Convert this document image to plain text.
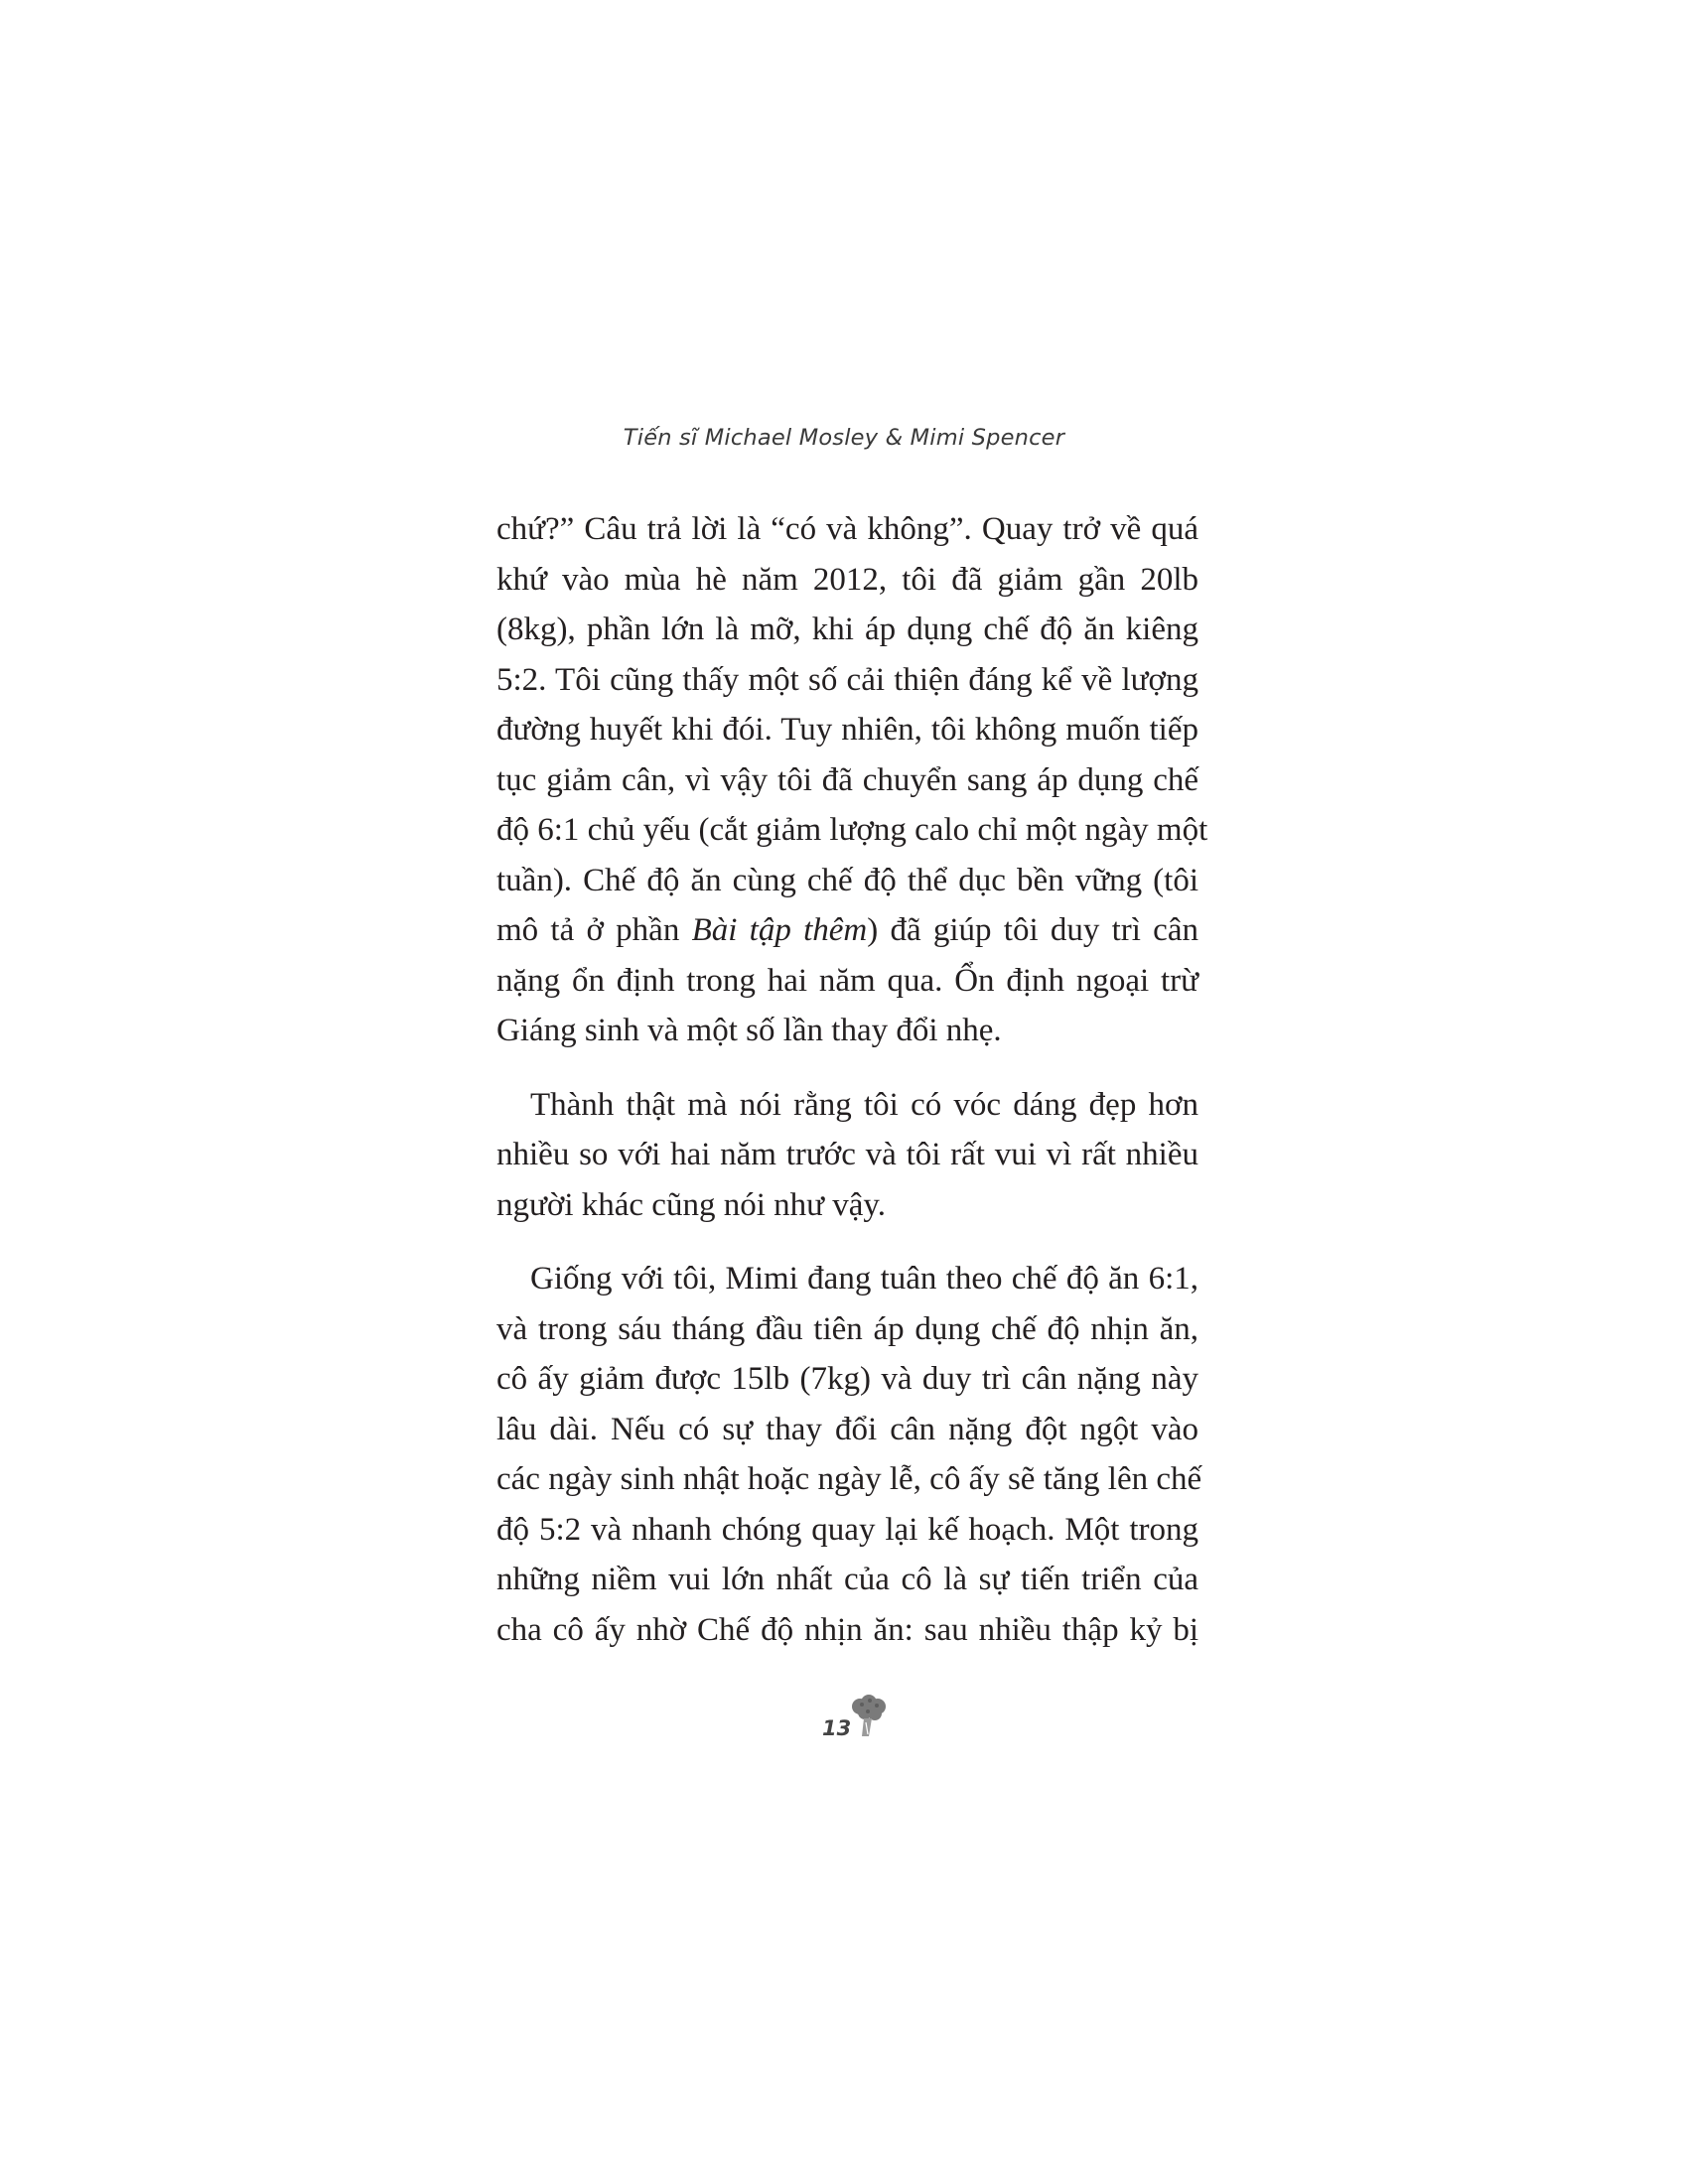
Tiến sĩ Michael Mosley & Mimi Spencer
chứ?” Câu trả lời là “có và không”. Quay trở về quá
khứ vào mùa hè năm 2012, tôi đã giảm gần 20lb
(8kg), phần lớn là mỡ, khi áp dụng chế độ ăn kiêng
5:2. Tôi cũng thấy một số cải thiện đáng kể về lượng
đường huyết khi đói. Tuy nhiên, tôi không muốn tiếp
tục giảm cân, vì vậy tôi đã chuyển sang áp dụng chế
độ 6:1 chủ yếu (cắt giảm lượng calo chỉ một ngày một
tuần). Chế độ ăn cùng chế độ thể dục bền vững (tôi
mô tả ở phần Bài tập thêm) đã giúp tôi duy trì cân
nặng ổn định trong hai năm qua. Ổn định ngoại trừ
Giáng sinh và một số lần thay đổi nhẹ.
Thành thật mà nói rằng tôi có vóc dáng đẹp hơn
nhiều so với hai năm trước và tôi rất vui vì rất nhiều
người khác cũng nói như vậy.
Giống với tôi, Mimi đang tuân theo chế độ ăn 6:1,
và trong sáu tháng đầu tiên áp dụng chế độ nhịn ăn,
cô ấy giảm được 15lb (7kg) và duy trì cân nặng này
lâu dài. Nếu có sự thay đổi cân nặng đột ngột vào
các ngày sinh nhật hoặc ngày lễ, cô ấy sẽ tăng lên chế
độ 5:2 và nhanh chóng quay lại kế hoạch. Một trong
những niềm vui lớn nhất của cô là sự tiến triển của
cha cô ấy nhờ Chế độ nhịn ăn: sau nhiều thập kỷ bị
13
